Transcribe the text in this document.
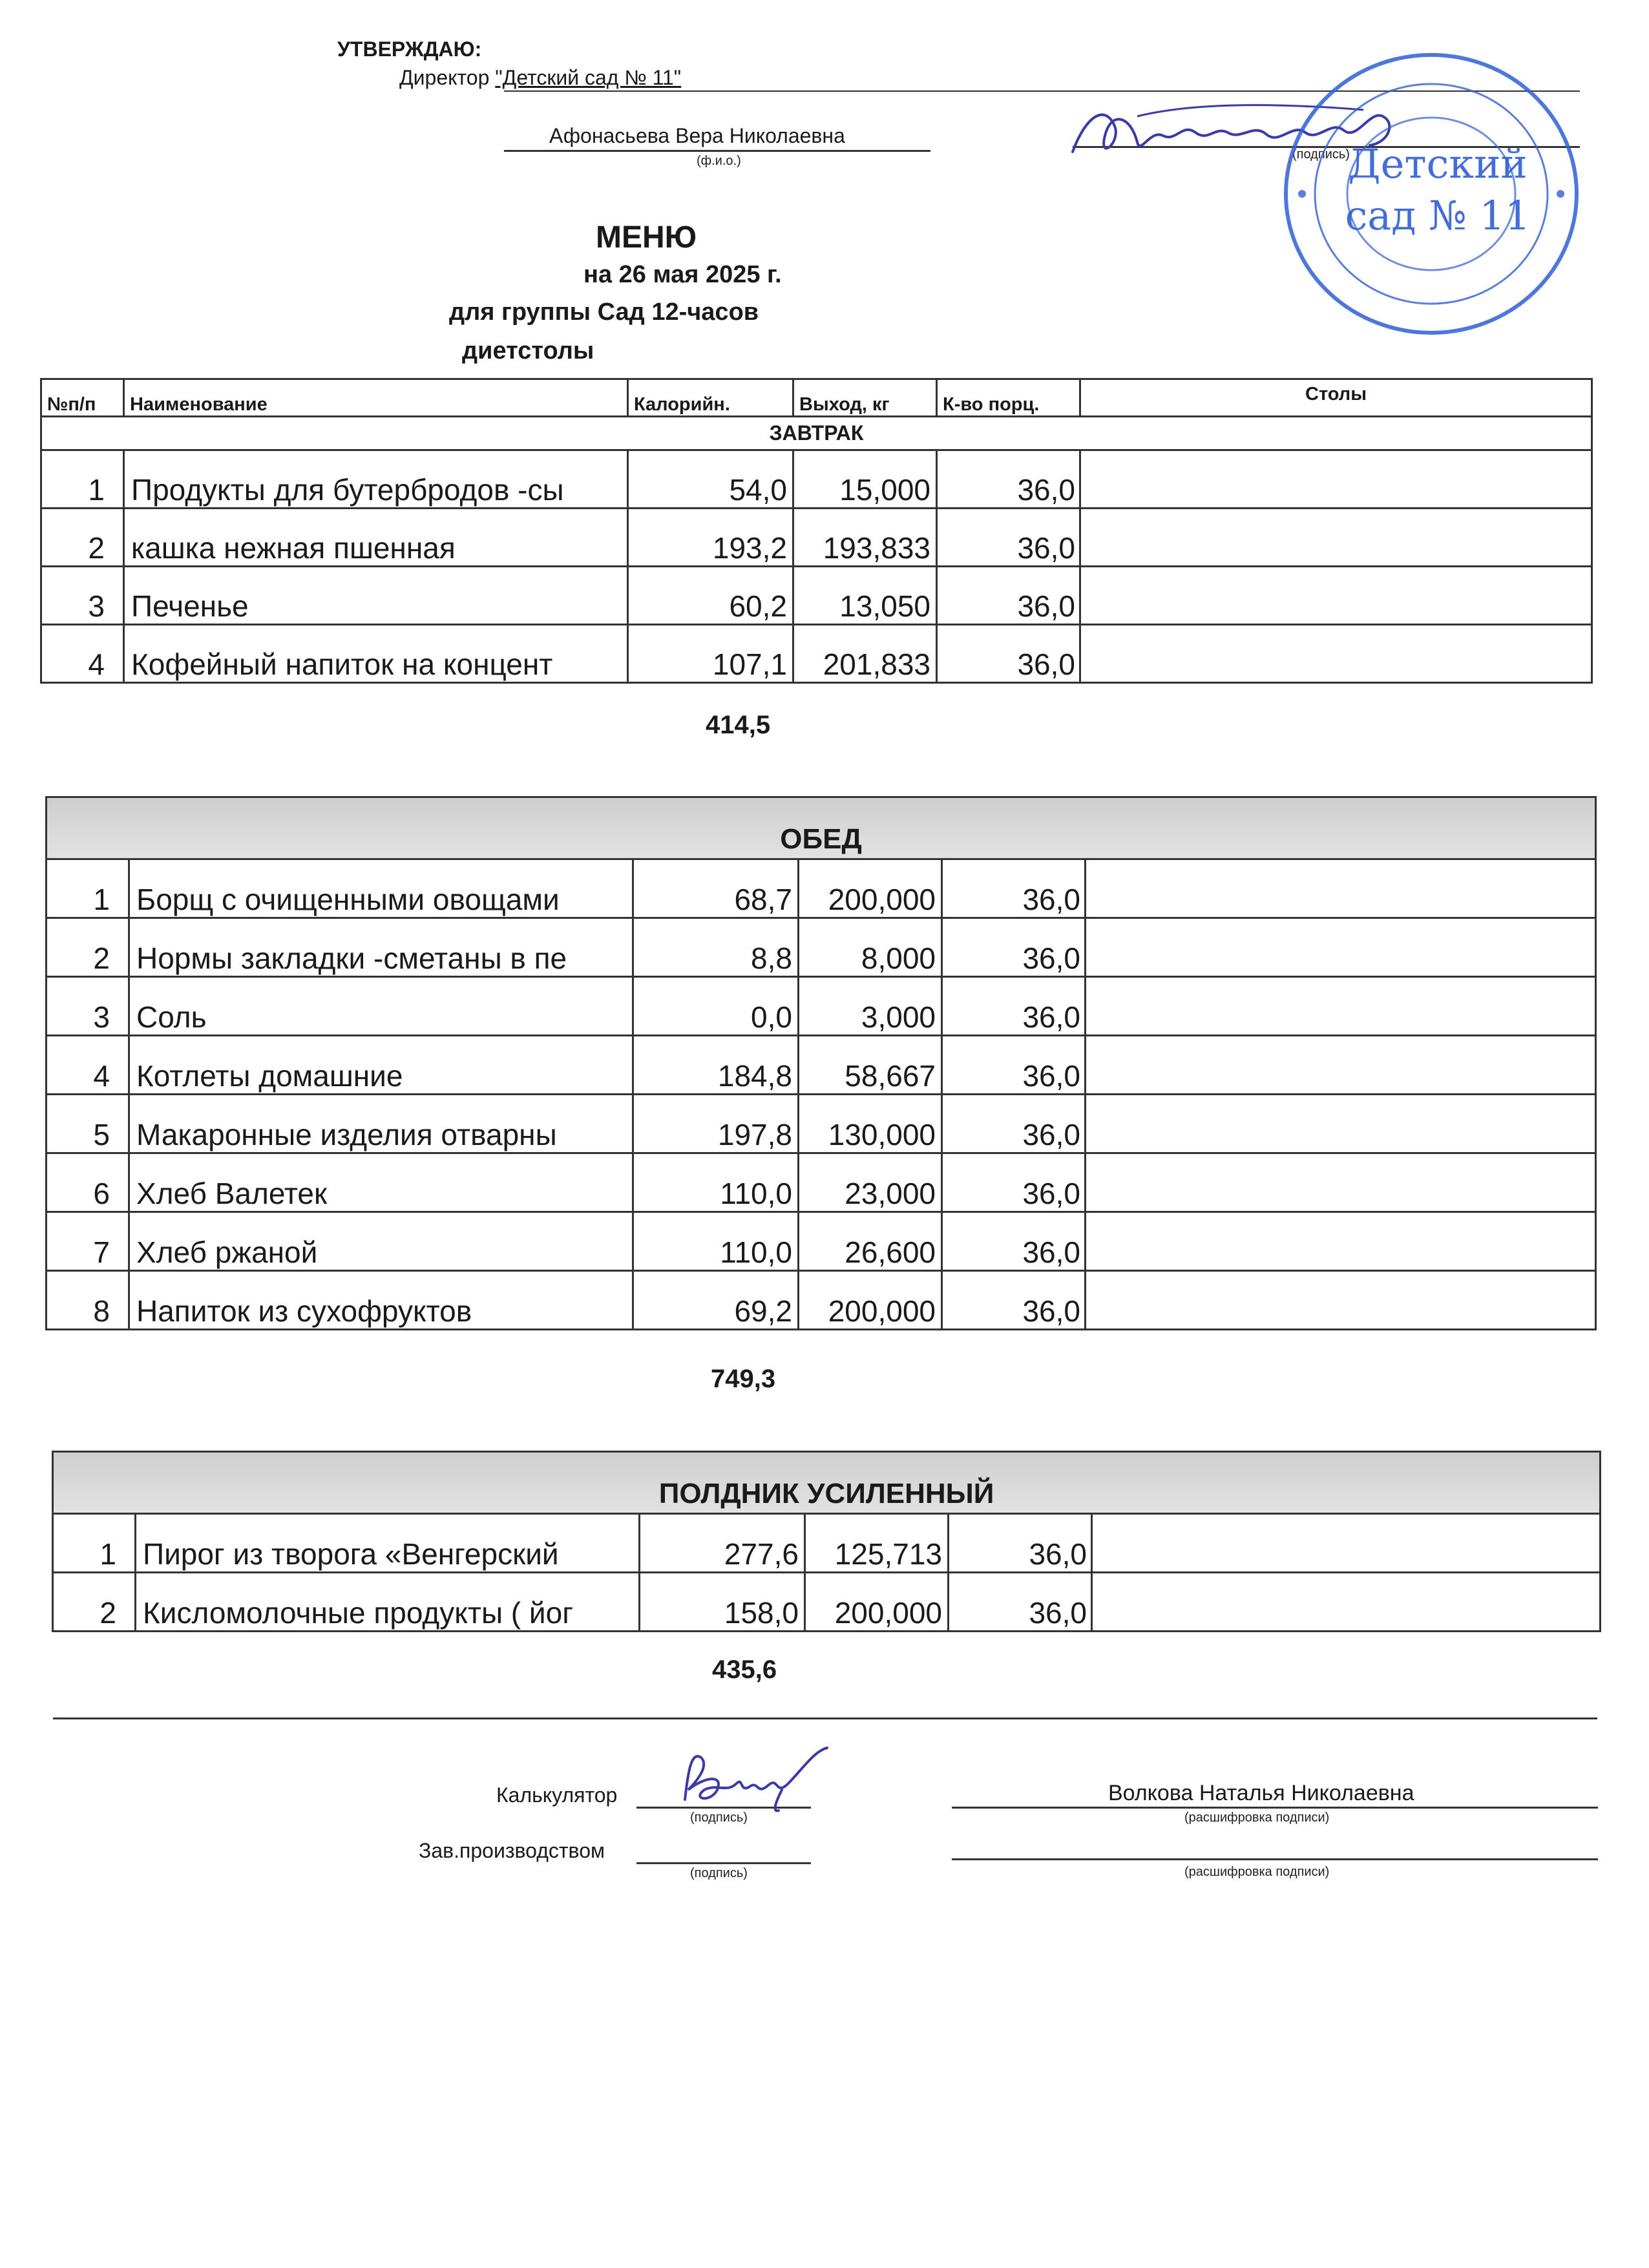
УТВЕРЖДАЮ:
Директор "Детский сад № 11"
Афонасьева Вера Николаевна
(ф.и.о.)	(подпись)
Детский
сад № 11
МЕНЮ
на 26 мая 2025 г.
для группы Сад 12-часов
диетстолы
№п/п	Наименование	Калорийн.	Выход, кг	К-во порц.	Столы
ЗАВТРАК					
1	Продукты для бутербродов -сы	54,0	15,000	36,0	
2	кашка нежная пшенная	193,2	193,833	36,0	
3	Печенье	60,2	13,050	36,0	
4	Кофейный напиток на концент	107,1	201,833	36,0	
414,5
ОБЕД					
1	Борщ с очищенными овощами	68,7	200,000	36,0	
2	Нормы закладки -сметаны в пе	8,8	8,000	36,0	
3	Соль	0,0	3,000	36,0	
4	Котлеты домашние	184,8	58,667	36,0	
5	Макаронные изделия отварны	197,8	130,000	36,0	
6	Хлеб Валетек	110,0	23,000	36,0	
7	Хлеб ржаной	110,0	26,600	36,0	
8	Напиток из сухофруктов	69,2	200,000	36,0	
749,3
ПОЛДНИК УСИЛЕННЫЙ					
1	Пирог из творога «Венгерский	277,6	125,713	36,0	
2	Кисломолочные продукты ( йог	158,0	200,000	36,0	
435,6
Калькулятор
(подпись)
Волкова Наталья Николаевна
(расшифровка подписи)
Зав.производством
(подпись)	(расшифровка подписи)
